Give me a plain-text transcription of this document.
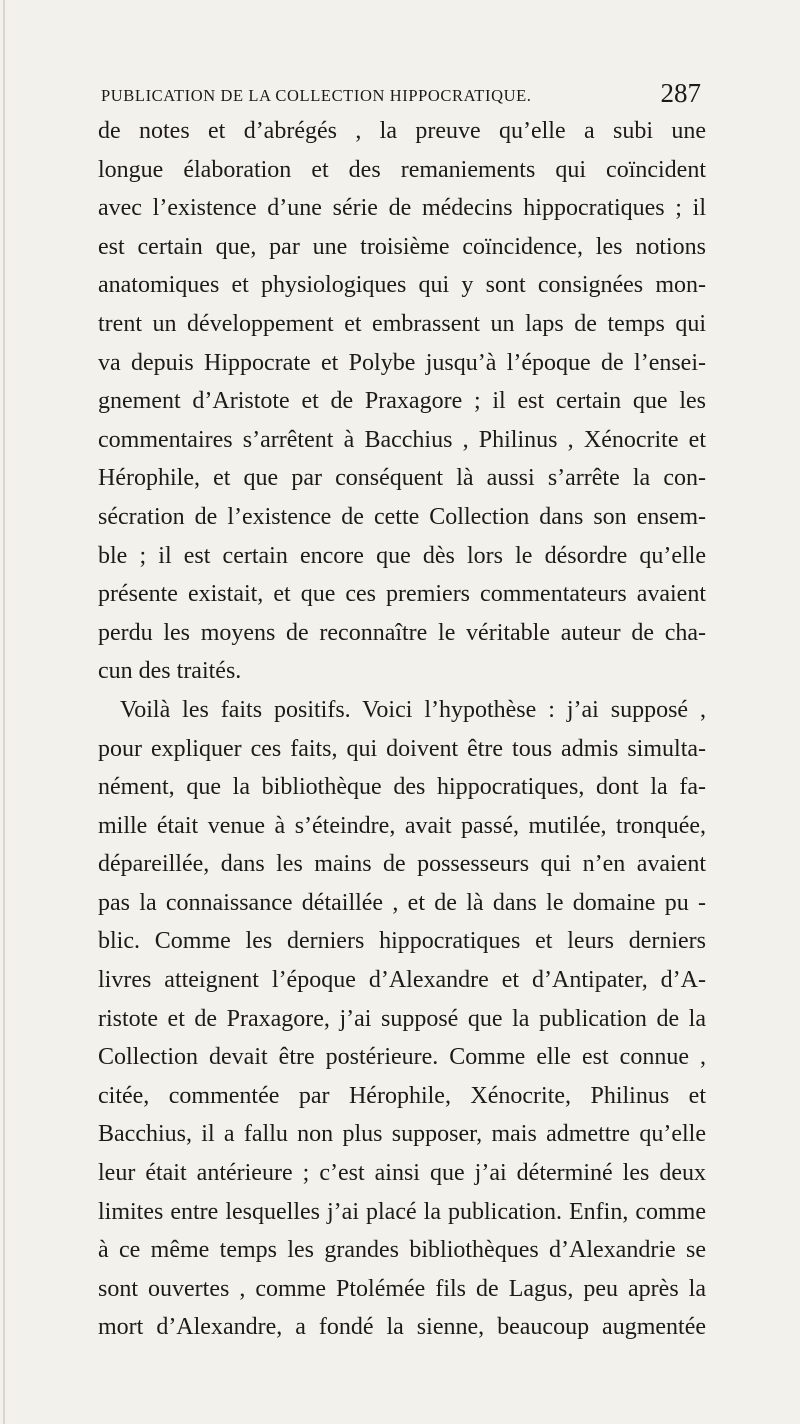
PUBLICATION DE LA COLLECTION HIPPOCRATIQUE.	287
de notes et d’abrégés , la preuve qu’elle a subi une
longue élaboration et des remaniements qui coïncident
avec l’existence d’une série de médecins hippocratiques ; il
est certain que, par une troisième coïncidence, les notions
anatomiques et physiologiques qui y sont consignées mon-
trent un développement et embrassent un laps de temps qui
va depuis Hippocrate et Polybe jusqu’à l’époque de l’ensei-
gnement d’Aristote et de Praxagore ; il est certain que les
commentaires s’arrêtent à Bacchius , Philinus , Xénocrite et
Hérophile, et que par conséquent là aussi s’arrête la con-
sécration de l’existence de cette Collection dans son ensem-
ble ; il est certain encore que dès lors le désordre qu’elle
présente existait, et que ces premiers commentateurs avaient
perdu les moyens de reconnaître le véritable auteur de cha-
cun des traités.
Voilà les faits positifs. Voici l’hypothèse : j’ai supposé ,
pour expliquer ces faits, qui doivent être tous admis simulta-
nément, que la bibliothèque des hippocratiques, dont la fa-
mille était venue à s’éteindre, avait passé, mutilée, tronquée,
dépareillée, dans les mains de possesseurs qui n’en avaient
pas la connaissance détaillée , et de là dans le domaine pu -
blic. Comme les derniers hippocratiques et leurs derniers
livres atteignent l’époque d’Alexandre et d’Antipater, d’A-
ristote et de Praxagore, j’ai supposé que la publication de la
Collection devait être postérieure. Comme elle est connue ,
citée, commentée par Hérophile, Xénocrite, Philinus et
Bacchius, il a fallu non plus supposer, mais admettre qu’elle
leur était antérieure ; c’est ainsi que j’ai déterminé les deux
limites entre lesquelles j’ai placé la publication. Enfin, comme
à ce même temps les grandes bibliothèques d’Alexandrie se
sont ouvertes , comme Ptolémée fils de Lagus, peu après la
mort d’Alexandre, a fondé la sienne, beaucoup augmentée
